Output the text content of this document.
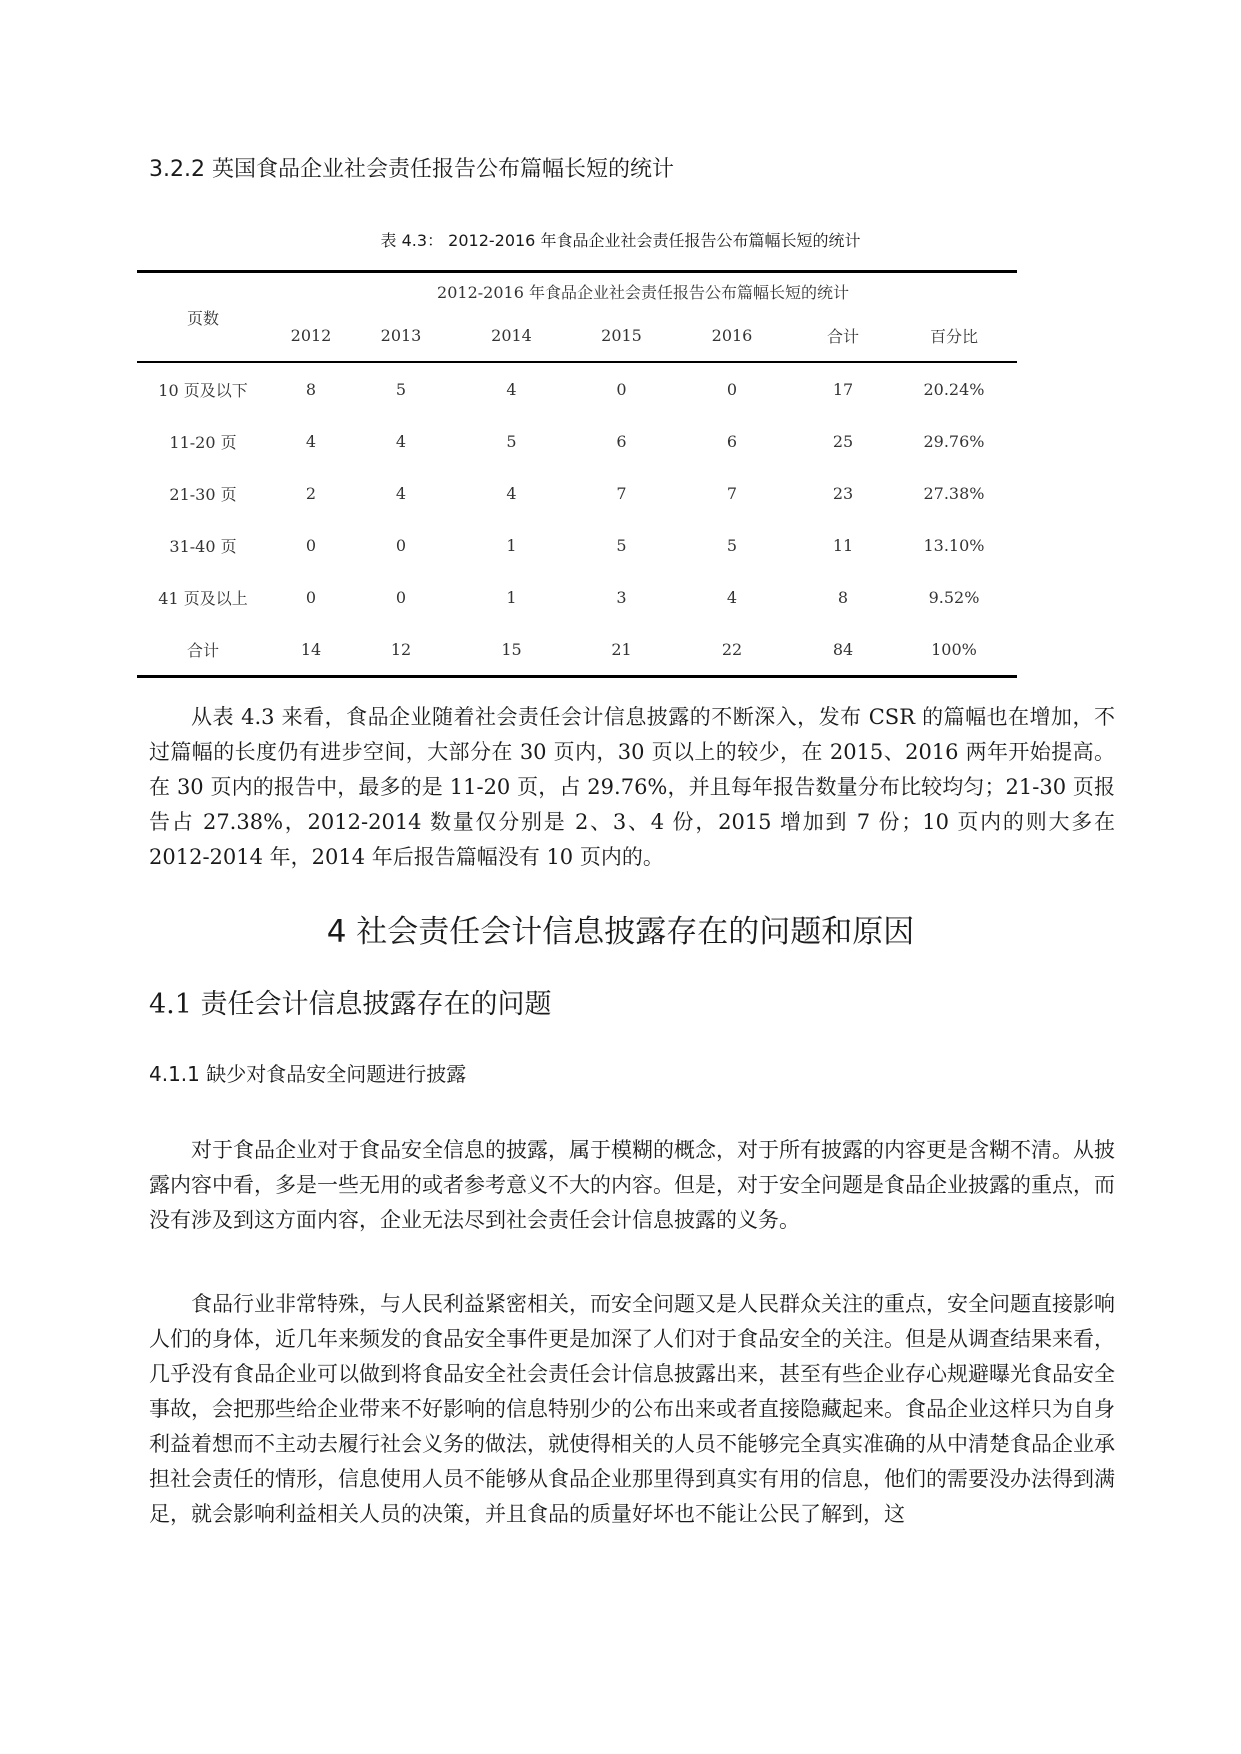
3.2.2 英国食品企业社会责任报告公布篇幅长短的统计
表 4.3： 2012-2016 年食品企业社会责任报告公布篇幅长短的统计
页数	2012-2016 年食品企业社会责任报告公布篇幅长短的统计						
	2012	2013	2014	2015	2016	合计	百分比
10 页及以下	8	5	4	0	0	17	20.24%
11-20 页	4	4	5	6	6	25	29.76%
21-30 页	2	4	4	7	7	23	27.38%
31-40 页	0	0	1	5	5	11	13.10%
41 页及以上	0	0	1	3	4	8	9.52%
合计	14	12	15	21	22	84	100%

从表 4.3 来看，食品企业随着社会责任会计信息披露的不断深入，发布 CSR 的篇幅也在增加，不过篇幅的长度仍有进步空间，大部分在 30 页内，30 页以上的较少，在 2015、2016 两年开始提高。在 30 页内的报告中，最多的是 11-20 页，占 29.76%，并且每年报告数量分布比较均匀；21-30 页报告占 27.38%，2012-2014 数量仅分别是 2、3、4 份，2015 增加到 7 份；10 页内的则大多在 2012-2014 年，2014 年后报告篇幅没有 10 页内的。

4 社会责任会计信息披露存在的问题和原因
4.1 责任会计信息披露存在的问题
4.1.1 缺少对食品安全问题进行披露

对于食品企业对于食品安全信息的披露，属于模糊的概念，对于所有披露的内容更是含糊不清。从披露内容中看，多是一些无用的或者参考意义不大的内容。但是，对于安全问题是食品企业披露的重点，而没有涉及到这方面内容，企业无法尽到社会责任会计信息披露的义务。

食品行业非常特殊，与人民利益紧密相关，而安全问题又是人民群众关注的重点，安全问题直接影响人们的身体，近几年来频发的食品安全事件更是加深了人们对于食品安全的关注。但是从调查结果来看，几乎没有食品企业可以做到将食品安全社会责任会计信息披露出来，甚至有些企业存心规避曝光食品安全事故，会把那些给企业带来不好影响的信息特别少的公布出来或者直接隐藏起来。食品企业这样只为自身利益着想而不主动去履行社会义务的做法，就使得相关的人员不能够完全真实准确的从中清楚食品企业承担社会责任的情形，信息使用人员不能够从食品企业那里得到真实有用的信息，他们的需要没办法得到满足，就会影响利益相关人员的决策，并且食品的质量好坏也不能让公民了解到，这
